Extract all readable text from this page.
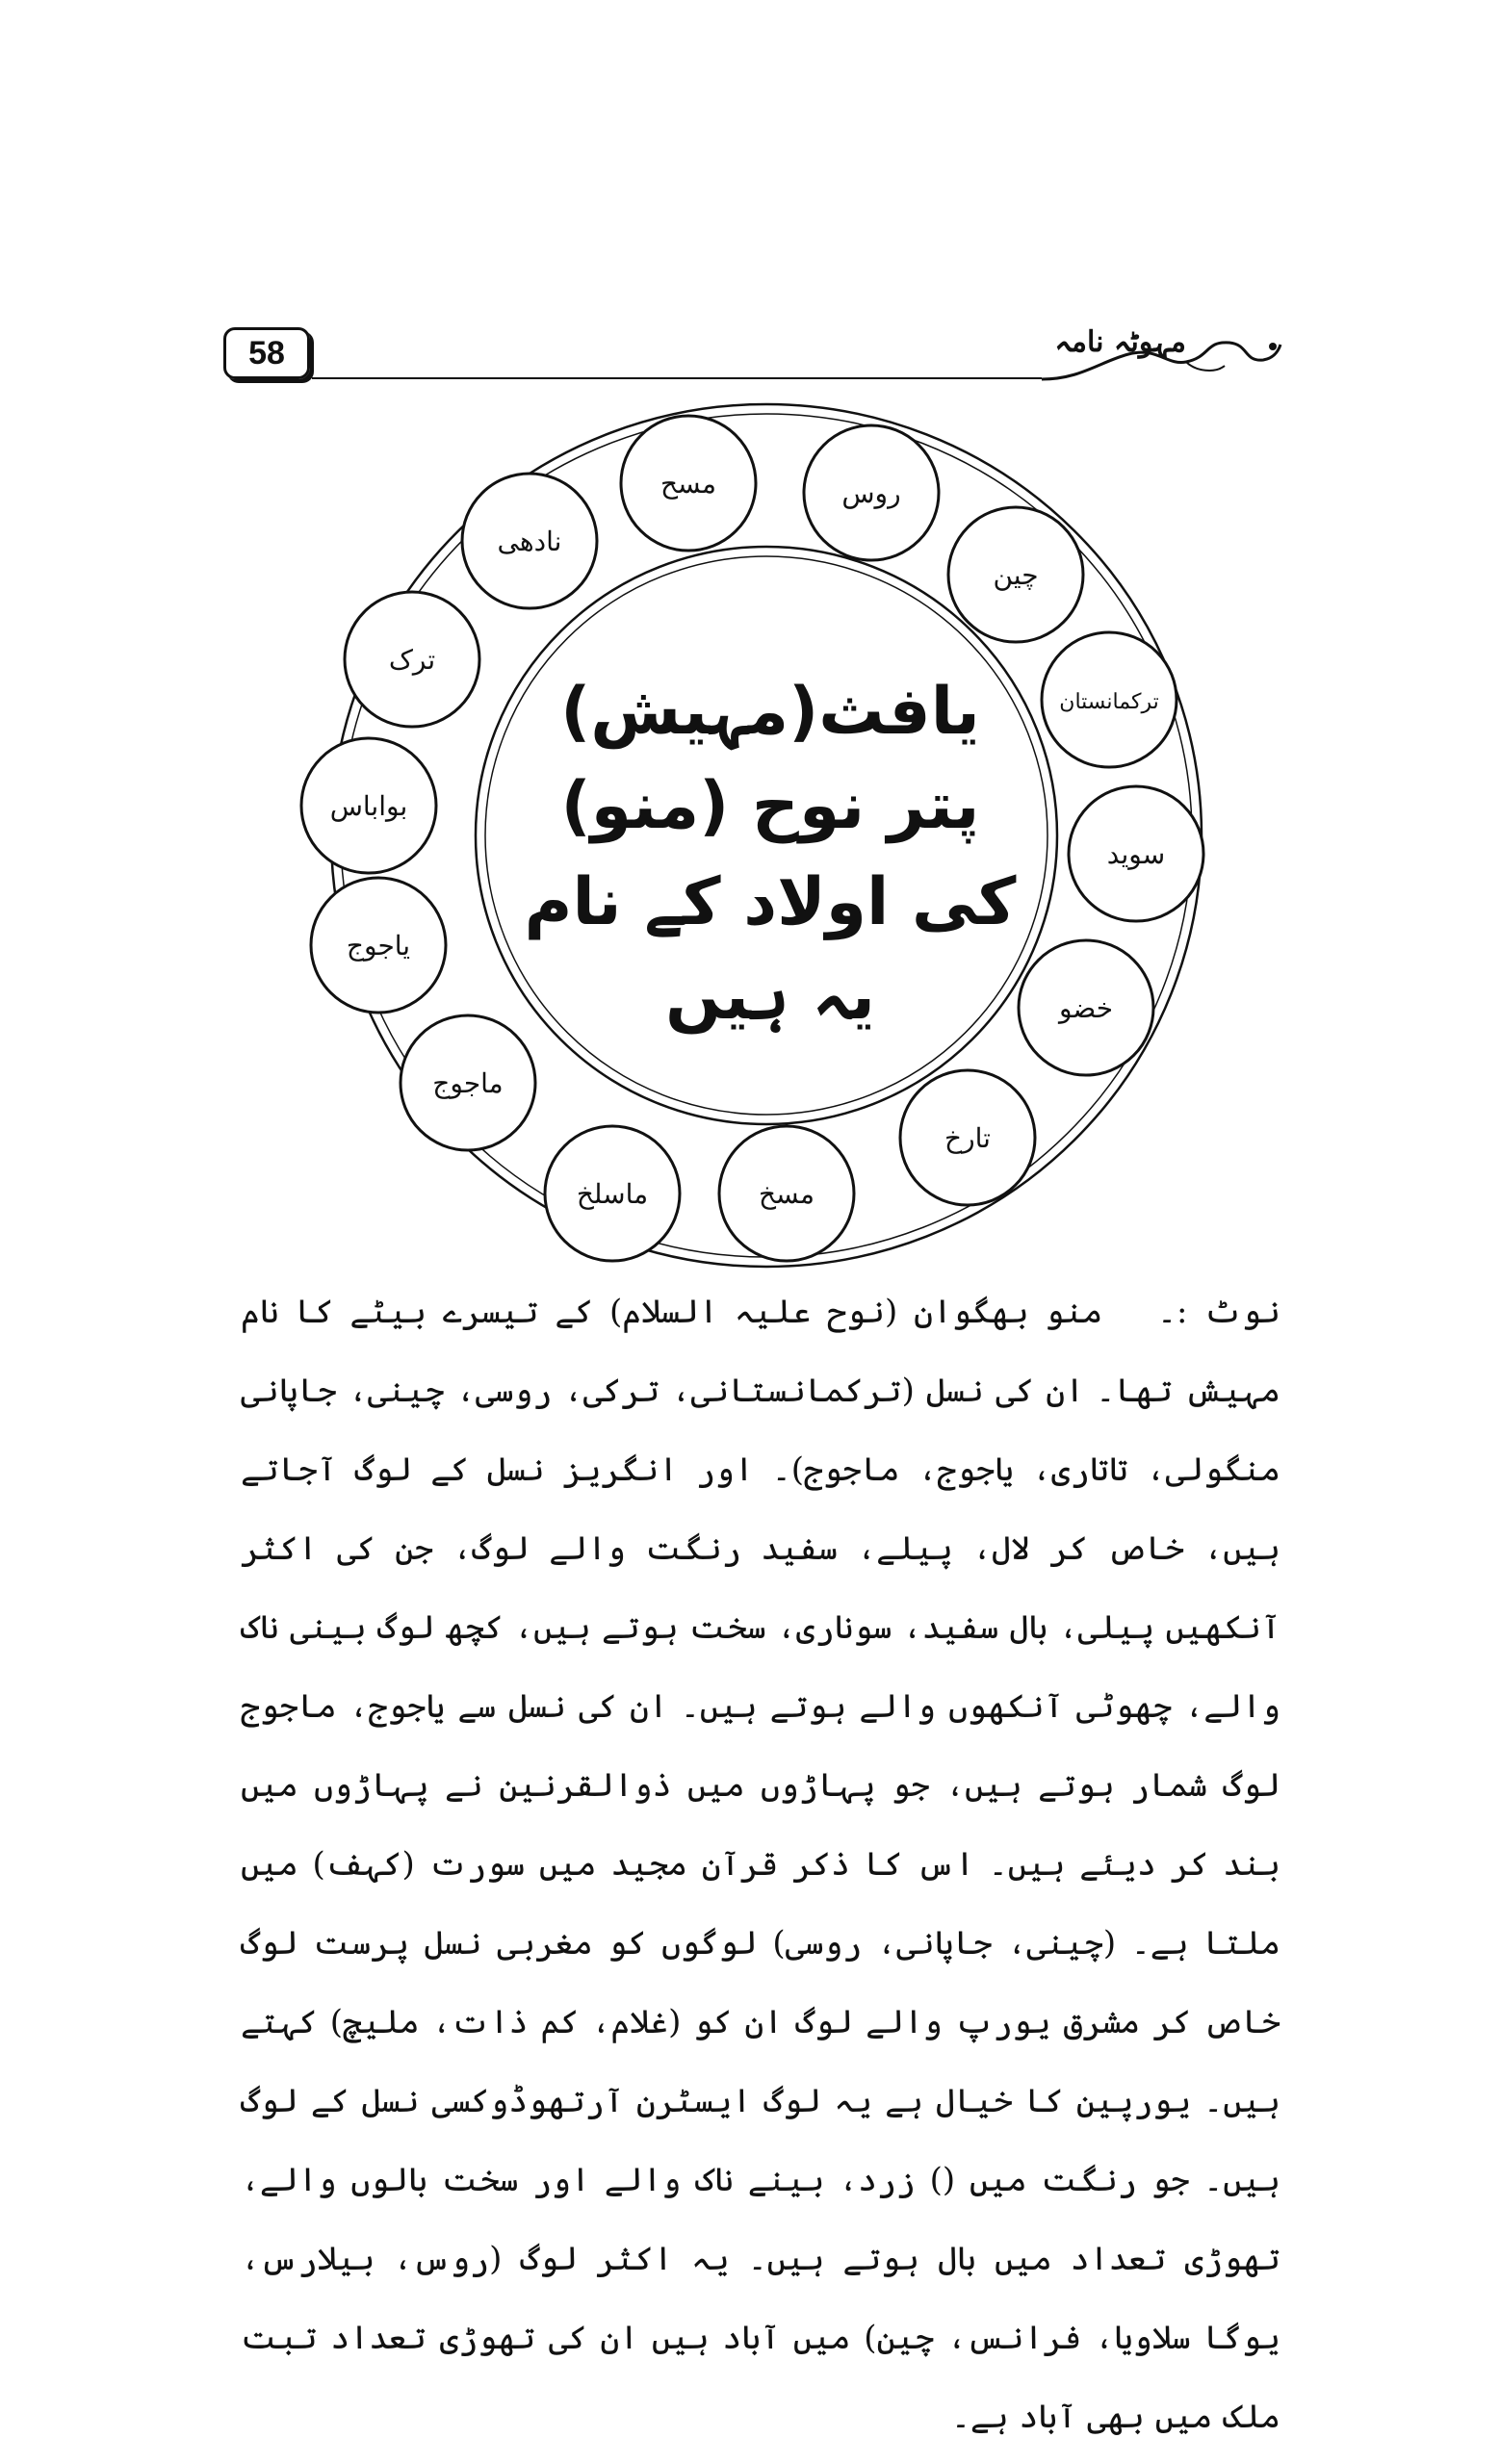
58	مہوٹہ نامہ
یافث(مہیش)
پتر نوح (منو)
کی اولاد کے نام
یہ ہیں
روس
چین
ترکمانستان
سوید
خضو
تارخ
مسخ
ماسلخ
ماجوج
یاجوج
بواباس
ترک
نادھی
مسح
نوٹ :۔ منو بھگوان (نوح علیہ السلام) کے تیسرے بیٹے کا نام مہیش تھا۔ ان کی نسل (ترکمانستانی، ترکی، روسی، چینی، جاپانی منگولی، تاتاری، یاجوج، ماجوج)۔ اور انگریز نسل کے لوگ آجاتے ہیں، خاص کر لال، پیلے، سفید رنگت والے لوگ، جن کی اکثر آنکھیں پیلی، بال سفید، سوناری، سخت ہوتے ہیں، کچھ لوگ بینی ناک والے، چھوٹی آنکھوں والے ہوتے ہیں۔ ان کی نسل سے یاجوج، ماجوج لوگ شمار ہوتے ہیں، جو پہاڑوں میں ذوالقرنین نے پہاڑوں میں بند کر دیئے ہیں۔ اس کا ذکر قرآن مجید میں سورت (کہف) میں ملتا ہے۔ (چینی، جاپانی، روسی) لوگوں کو مغربی نسل پرست لوگ خاص کر مشرق یورپ والے لوگ ان کو (غلام، کم ذات، ملیچ) کہتے ہیں۔ یورپین کا خیال ہے یہ لوگ ایسٹرن آرتھوڈوکسی نسل کے لوگ ہیں۔ جو رنگت میں () زرد، بینے ناک والے اور سخت بالوں والے، تھوڑی تعداد میں بال ہوتے ہیں۔ یہ اکثر لوگ (روس، بیلارس، یوگا سلاویا، فرانس، چین) میں آباد ہیں ان کی تھوڑی تعداد تبت ملک میں بھی آباد ہے۔
